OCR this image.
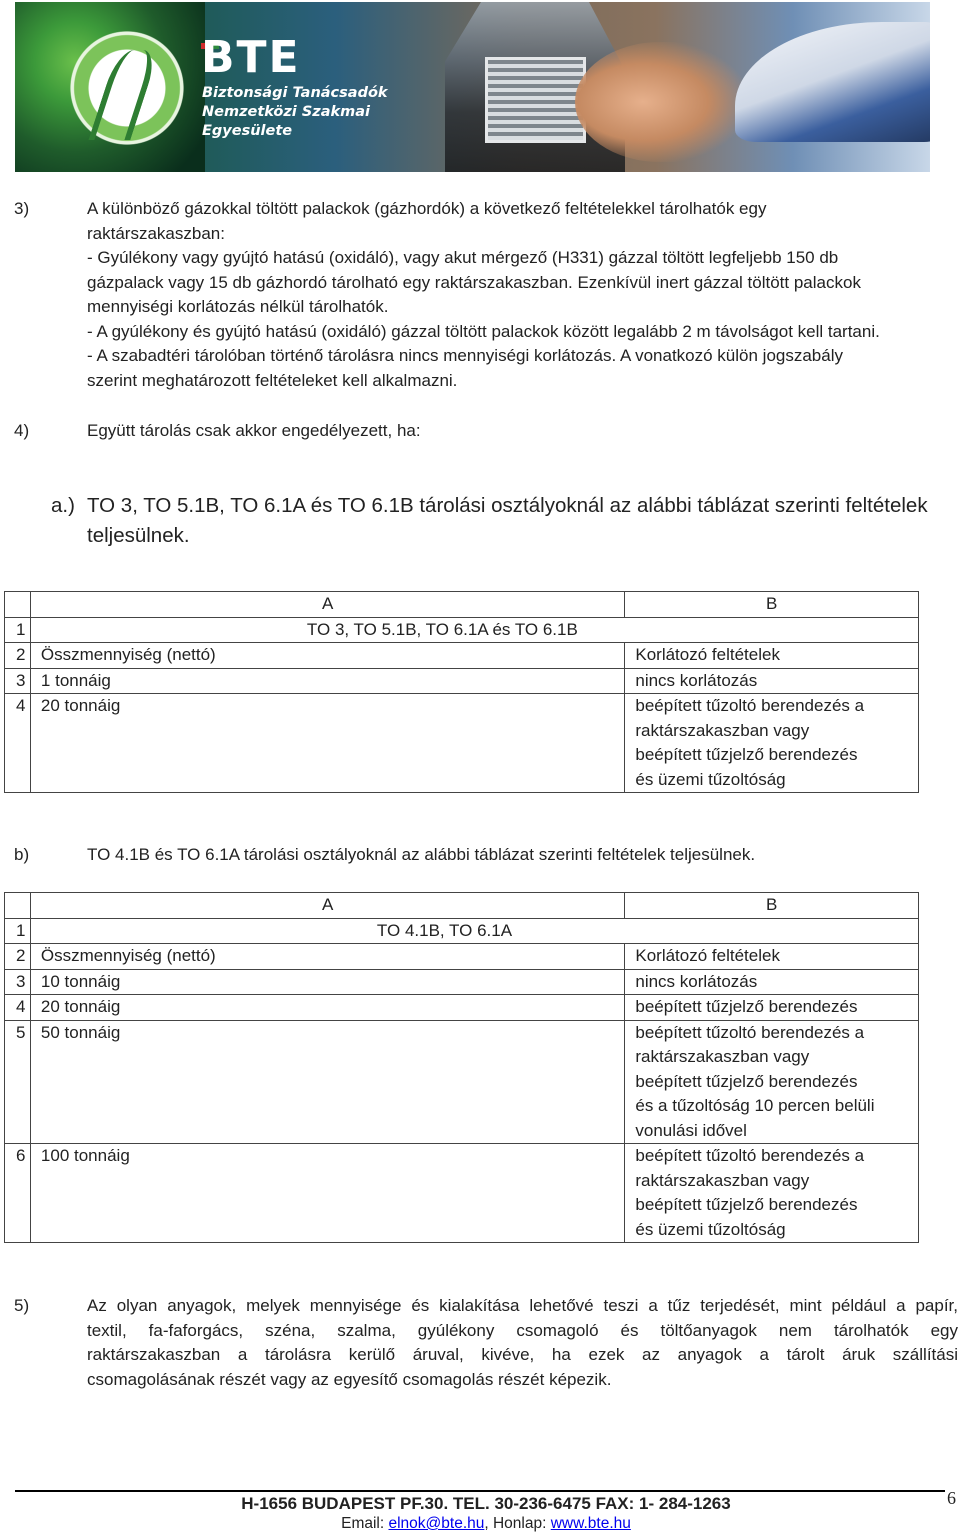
BTE
Biztonsági Tanácsadók
Nemzetközi Szakmai
Egyesülete
3)	A különböző gázokkal töltött palackok (gázhordók) a következő feltételekkel tárolhatók egy
raktárszakaszban:
- Gyúlékony vagy gyújtó hatású (oxidáló), vagy akut mérgező (H331) gázzal töltött legfeljebb 150 db
gázpalack vagy 15 db gázhordó tárolható egy raktárszakaszban. Ezenkívül inert gázzal töltött palackok
mennyiségi korlátozás nélkül tárolhatók.
- A gyúlékony és gyújtó hatású (oxidáló) gázzal töltött palackok között legalább 2 m távolságot kell tartani.
- A szabadtéri tárolóban történő tárolásra nincs mennyiségi korlátozás. A vonatkozó külön jogszabály
szerint meghatározott feltételeket kell alkalmazni.
4)	Együtt tárolás csak akkor engedélyezett, ha:
a.) TO 3, TO 5.1B, TO 6.1A és TO 6.1B tárolási osztályoknál az alábbi táblázat szerinti feltételek
teljesülnek.
	A	B
1	TO 3, TO 5.1B, TO 6.1A és TO 6.1B	
2	Összmennyiség (nettó)	Korlátozó feltételek
3	1 tonnáig	nincs korlátozás
4	20 tonnáig	beépített tűzoltó berendezés a
raktárszakaszban vagy
beépített tűzjelző berendezés
és üzemi tűzoltóság
b)	TO 4.1B és TO 6.1A tárolási osztályoknál az alábbi táblázat szerinti feltételek teljesülnek.
	A	B
1	TO 4.1B, TO 6.1A	
2	Összmennyiség (nettó)	Korlátozó feltételek
3	10 tonnáig	nincs korlátozás
4	20 tonnáig	beépített tűzjelző berendezés
5	50 tonnáig	beépített tűzoltó berendezés a
raktárszakaszban vagy
beépített tűzjelző berendezés
és a tűzoltóság 10 percen belüli
vonulási idővel

6	100 tonnáig	beépített tűzoltó berendezés a
raktárszakaszban vagy
beépített tűzjelző berendezés
és üzemi tűzoltóság
5)	Az olyan anyagok, melyek mennyisége és kialakítása lehetővé teszi a tűz terjedését, mint például a papír,
textil, fa-faforgács, széna, szalma, gyúlékony csomagoló és töltőanyagok nem tárolhatók egy
raktárszakaszban a tárolásra kerülő áruval, kivéve, ha ezek az anyagok a tárolt áruk szállítási
csomagolásának részét vagy az egyesítő csomagolás részét képezik.
6
H-1656 BUDAPEST PF.30. TEL. 30-236-6475 FAX: 1- 284-1263
Email: elnok@bte.hu, Honlap: www.bte.hu
